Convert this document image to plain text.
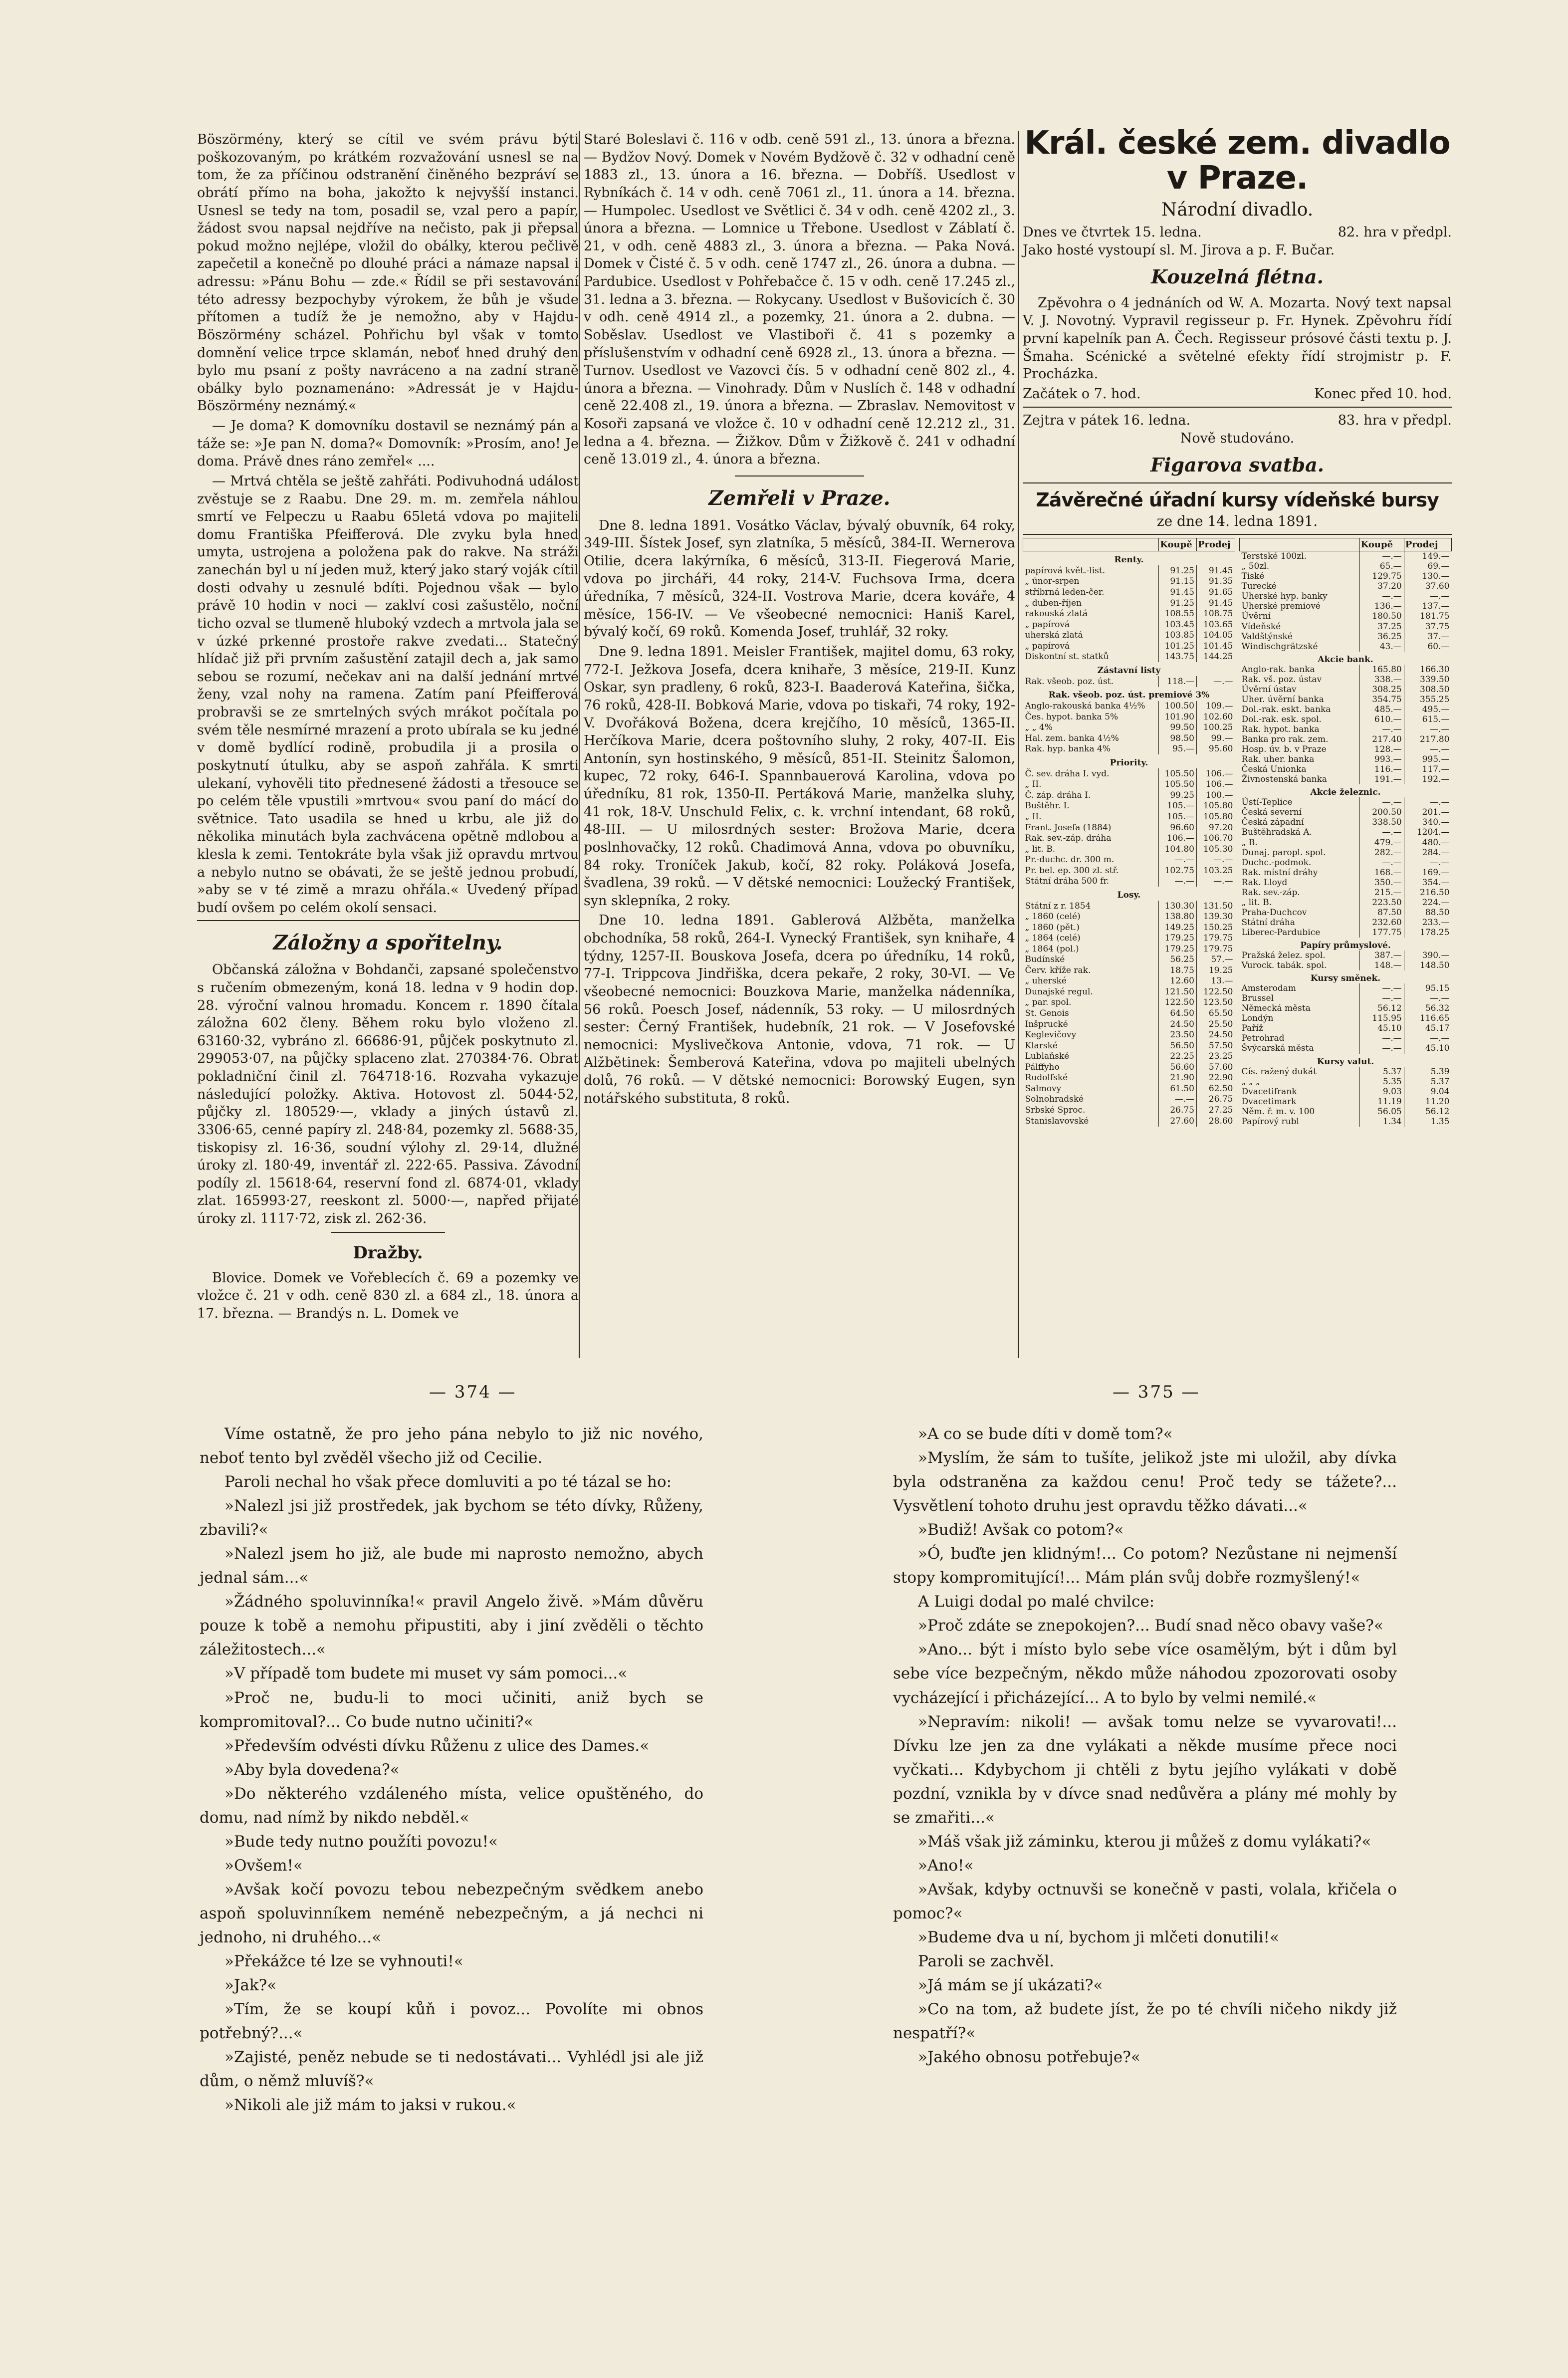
Böszörmény, který se cítil ve svém právu býti poškozovaným, po krátkém rozvažování usnesl se na tom, že za příčinou odstranění činěného bezpráví se obrátí přímo na boha, jakožto k nejvyšší instanci. Usnesl se tedy na tom, posadil se, vzal pero a papír, žádost svou napsal nejdříve na nečisto, pak ji přepsal pokud možno nejlépe, vložil do obálky, kterou pečlivě zapečetil a konečně po dlouhé práci a námaze napsal i adressu: »Pánu Bohu — zde.« Řídil se při sestavování této adressy bezpochyby výrokem, že bůh je všude přítomen a tudíž že je nemožno, aby v Hajdu-Böszörmény scházel. Pohřichu byl však v tomto domnění velice trpce sklamán, neboť hned druhý den bylo mu psaní z pošty navráceno a na zadní straně obálky bylo poznamenáno: »Adressát je v Hajdu-Böszörmény neznámý.«

— Je doma? K domovníku dostavil se neznámý pán a táže se: »Je pan N. doma?« Domovník: »Prosím, ano! Je doma. Právě dnes ráno zemřel« ....

— Mrtvá chtěla se ještě zahřáti. Podivuhodná událost zvěstuje se z Raabu. Dne 29. m. m. zemřela náhlou smrtí ve Felpeczu u Raabu 65letá vdova po majiteli domu Františka Pfeifferová. Dle zvyku byla hned umyta, ustrojena a položena pak do rakve. Na stráži zanechán byl u ní jeden muž, který jako starý voják cítil dosti odvahy u zesnulé bdíti. Pojednou však — bylo právě 10 hodin v noci — zaklví cosi zašustělo, noční ticho ozval se tlumeně hluboký vzdech a mrtvola jala se v úzké prkenné prostoře rakve zvedati... Statečný hlídač již při prvním zašustění zatajil dech a, jak samo sebou se rozumí, nečekav ani na další jednání mrtvé ženy, vzal nohy na ramena. Zatím paní Pfeifferová probravši se ze smrtelných svých mrákot počítala po svém těle nesmírné mrazení a proto ubírala se ku jedné v domě bydlící rodině, probudila ji a prosila o poskytnutí útulku, aby se aspoň zahřála. K smrti ulekaní, vyhověli tito přednesené žádosti a třesouce se po celém těle vpustili »mrtvou« svou paní do mácí do světnice. Tato usadila se hned u krbu, ale již do několika minutách byla zachvácena opětně mdlobou a klesla k zemi. Tentokráte byla však již opravdu mrtvou a nebylo nutno se obávati, že se ještě jednou probudí, »aby se v té zimě a mrazu ohřála.« Uvedený případ budí ovšem po celém okolí sensaci.

Záložny a spořitelny.

Občanská záložna v Bohdanči, zapsané společenstvo s ručením obmezeným, koná 18. ledna v 9 hodin dop. 28. výroční valnou hromadu. Koncem r. 1890 čítala záložna 602 členy. Během roku bylo vloženo zl. 63160·32, vybráno zl. 66686·91, půjček poskytnuto zl. 299053·07, na půjčky splaceno zlat. 270384·76. Obrat pokladniční činil zl. 764718·16. Rozvaha vykazuje následující položky. Aktiva. Hotovost zl. 5044·52, půjčky zl. 180529·—, vklady a jiných ústavů zl. 3306·65, cenné papíry zl. 248·84, pozemky zl. 5688·35, tiskopisy zl. 16·36, soudní výlohy zl. 29·14, dlužné úroky zl. 180·49, inventář zl. 222·65. Passiva. Závodní podíly zl. 15618·64, reservní fond zl. 6874·01, vklady zlat. 165993·27, reeskont zl. 5000·—, napřed přijaté úroky zl. 1117·72, zisk zl. 262·36.

Dražby.

Blovice. Domek ve Vořeblecích č. 69 a pozemky ve vložce č. 21 v odh. ceně 830 zl. a 684 zl., 18. února a 17. března. — Brandýs n. L. Domek ve

Staré Boleslavi č. 116 v odb. ceně 591 zl., 13. února a března. — Bydžov Nový. Domek v Novém Bydžově č. 32 v odhadní ceně 1883 zl., 13. února a 16. března. — Dobříš. Usedlost v Rybníkách č. 14 v odh. ceně 7061 zl., 11. února a 14. března. — Humpolec. Usedlost ve Světlici č. 34 v odh. ceně 4202 zl., 3. února a března. — Lomnice u Třebone. Usedlost v Záblatí č. 21, v odh. ceně 4883 zl., 3. února a března. — Paka Nová. Domek v Čisté č. 5 v odh. ceně 1747 zl., 26. února a dubna. — Pardubice. Usedlost v Pohřebačce č. 15 v odh. ceně 17.245 zl., 31. ledna a 3. března. — Rokycany. Usedlost v Bušovicích č. 30 v odh. ceně 4914 zl., a pozemky, 21. února a 2. dubna. — Soběslav. Usedlost ve Vlastiboři č. 41 s pozemky a příslušenstvím v odhadní ceně 6928 zl., 13. února a března. — Turnov. Usedlost ve Vazovci čís. 5 v odhadní ceně 802 zl., 4. února a března. — Vinohrady. Dům v Nuslích č. 148 v odhadní ceně 22.408 zl., 19. února a března. — Zbraslav. Nemovitost v Kosoři zapsaná ve vložce č. 10 v odhadní ceně 12.212 zl., 31. ledna a 4. března. — Žižkov. Dům v Žižkově č. 241 v odhadní ceně 13.019 zl., 4. února a března.

Zemřeli v Praze.

Dne 8. ledna 1891. Vosátko Václav, bývalý obuvník, 64 roky, 349-III. Šístek Josef, syn zlatníka, 5 měsíců, 384-II. Wernerova Otilie, dcera lakýrníka, 6 měsíců, 313-II. Fiegerová Marie, vdova po jircháři, 44 roky, 214-V. Fuchsova Irma, dcera úředníka, 7 měsíců, 324-II. Vostrova Marie, dcera kováře, 4 měsíce, 156-IV. — Ve všeobecné nemocnici: Haniš Karel, bývalý kočí, 69 roků. Komenda Josef, truhlář, 32 roky.

Dne 9. ledna 1891. Meisler František, majitel domu, 63 roky, 772-I. Ježkova Josefa, dcera knihaře, 3 měsíce, 219-II. Kunz Oskar, syn pradleny, 6 roků, 823-I. Baaderová Kateřina, šička, 76 roků, 428-II. Bobková Marie, vdova po tiskaři, 74 roky, 192-V. Dvořáková Božena, dcera krejčího, 10 měsíců, 1365-II. Herčíkova Marie, dcera poštovního sluhy, 2 roky, 407-II. Eis Antonín, syn hostinského, 9 měsíců, 851-II. Steinitz Šalomon, kupec, 72 roky, 646-I. Spannbauerová Karolina, vdova po úředníku, 81 rok, 1350-II. Pertáková Marie, manželka sluhy, 41 rok, 18-V. Unschuld Felix, c. k. vrchní intendant, 68 roků, 48-III. — U milosrdných sester: Brožova Marie, dcera poslnhovačky, 12 roků. Chadimová Anna, vdova po obuvníku, 84 roky. Troníček Jakub, kočí, 82 roky. Poláková Josefa, švadlena, 39 roků. — V dětské nemocnici: Loužecký František, syn sklepníka, 2 roky.

Dne 10. ledna 1891. Gablerová Alžběta, manželka obchodníka, 58 roků, 264-I. Vynecký František, syn knihaře, 4 týdny, 1257-II. Bouskova Josefa, dcera po úředníku, 14 roků, 77-I. Trippcova Jindřiška, dcera pekaře, 2 roky, 30-VI. — Ve všeobecné nemocnici: Bouzkova Marie, manželka nádenníka, 56 roků. Poesch Josef, nádenník, 53 roky. — U milosrdných sester: Černý František, hudebník, 21 rok. — V Josefovské nemocnici: Myslivečkova Antonie, vdova, 71 rok. — U Alžbětinek: Šemberová Kateřina, vdova po majiteli ubelných dolů, 76 roků. — V dětské nemocnici: Borowský Eugen, syn notářského substituta, 8 roků.

Král. české zem. divadlo v Praze.

Národní divadlo.

Dnes ve čtvrtek 15. ledna.	82. hra v předpl.

Jako hosté vystoupí sl. M. Jirova a p. F. Bučar.

Kouzelná flétna.

Zpěvohra o 4 jednáních od W. A. Mozarta. Nový text napsal V. J. Novotný. Vypravil regisseur p. Fr. Hynek. Zpěvohru řídí první kapelník pan A. Čech. Regisseur prósové části textu p. J. Šmaha. Scénické a světelné efekty řídí strojmistr p. F. Procházka.

Začátek o 7. hod.	Konec před 10. hod.
Zejtra v pátek 16. ledna.	83. hra v předpl.

Nově studováno.

Figarova svatba.
Závěrečné úřadní kursy vídeňské bursy
ze dne 14. ledna 1891.
	Koupě	Prodej
Renty.		
papírová květ.-list.	91.25	91.45
„ únor-srpen	91.15	91.35
stříbrná leden-čer.	91.45	91.65
„ duben-říjen	91.25	91.45
rakouská zlatá	108.55	108.75
„ papírová	103.45	103.65
uherská zlatá	103.85	104.05
„ papírová	101.25	101.45
Diskontní st. statků	143.75	144.25
Zástavní listy		
Rak. všeob. poz. úst.	118.—	—.—
Rak. všeob. poz. úst. premiové 3%		
Anglo-rakouská banka 4½%	100.50	109.—
Čes. hypot. banka 5%	101.90	102.60
„ „ 4%	99.50	100.25
Hal. zem. banka 4½%	98.50	99.—
Rak. hyp. banka 4%	95.—	95.60
Priority.		
Č. sev. dráha I. vyd.	105.50	106.—
„ II.	105.50	106.—
Č. záp. dráha I.	99.25	100.—
Buštěhr. I.	105.—	105.80
„ II.	105.—	105.80
Frant. Josefa (1884)	96.60	97.20
Rak. sev.-záp. dráha	106.—	106.70
„ lit. B.	104.80	105.30
Pr.-duchc. dr. 300 m.	—.—	—.—
Pr. bel. ep. 300 zl. stř.	102.75	103.25
Státní dráha 500 fr.	—.—	—.—
Losy.		
Státní z r. 1854	130.30	131.50
„ 1860 (celé)	138.80	139.30
„ 1860 (pět.)	149.25	150.25
„ 1864 (celé)	179.25	179.75
„ 1864 (pol.)	179.25	179.75
Budínské	56.25	57.—
Červ. kříže rak.	18.75	19.25
„ uherské	12.60	13.—
Dunajské regul.	121.50	122.50
„ par. spol.	122.50	123.50
St. Genois	64.50	65.50
Inšprucké	24.50	25.50
Keglevičovy	23.50	24.50
Klarské	56.50	57.50
Lublaňské	22.25	23.25
Pálffyho	56.60	57.60
Rudolfské	21.90	22.90
Salmovy	61.50	62.50
Solnohradské	—.—	26.75
Srbské Sproc.	26.75	27.25
Stanislavovské	27.60	28.60
	Koupě	Prodej
Terstské 100zl.	—.—	149.—
„ 50zl.	65.—	69.—
Tiské	129.75	130.—
Turecké	37.20	37.60
Uherské hyp. banky	—.—	—.—
Uherské premiové	136.—	137.—
Úvěrní	180.50	181.75
Vídeňské	37.25	37.75
Valdštýnské	36.25	37.—
Windischgrätzské	43.—	60.—
Akcie bank.		
Anglo-rak. banka	165.80	166.30
Rak. vš. poz. ústav	338.—	339.50
Úvěrní ústav	308.25	308.50
Uher. úvěrní banka	354.75	355.25
Dol.-rak. eskt. banka	485.—	495.—
Dol.-rak. esk. spol.	610.—	615.—
Rak. hypot. banka	—.—	—.—
Banka pro rak. zem.	217.40	217.80
Hosp. úv. b. v Praze	128.—	—.—
Rak. uher. banka	993.—	995.—
Česká Unionka	116.—	117.—
Živnostenská banka	191.—	192.—
Akcie železnic.		
Ústí-Teplice	—.—	—.—
Česká severní	200.50	201.—
Česká západní	338.50	340.—
Buštěhradská A.	—.—	1204.—
„ B.	479.—	480.—
Dunaj. paropl. spol.	282.—	284.—
Duchc.-podmok.	—.—	—.—
Rak. místní dráhy	168.—	169.—
Rak. Lloyd	350.—	354.—
Rak. sev.-záp.	215.—	216.50
„ lit. B.	223.50	224.—
Praha-Duchcov	87.50	88.50
Státní dráha	232.60	233.—
Liberec-Pardubice	177.75	178.25
Papíry průmyslové.		
Pražská želez. spol.	387.—	390.—
Vurock. tabák. spol.	148.—	148.50
Kursy směnek.		
Amsterodam	—.—	95.15
Brussel	—.—	—.—
Německá města	56.12	56.32
Londýn	115.95	116.65
Paříž	45.10	45.17
Petrohrad	—.—	—.—
Švýcarská města	—.—	45.10
Kursy valut.		
Cís. ražený dukát	5.37	5.39
„ „ „	5.35	5.37
Dvacetifrank	9.03	9.04
Dvacetimark	11.19	11.20
Něm. ř. m. v. 100	56.05	56.12
Papírový rubl	1.34	1.35
— 374 —	— 375 —

Víme ostatně, že pro jeho pána nebylo to již nic nového, neboť tento byl zvěděl všecho již od Cecilie.

Paroli nechal ho však přece domluviti a po té tázal se ho:

»Nalezl jsi již prostředek, jak bychom se této dívky, Růženy, zbavili?«

»Nalezl jsem ho již, ale bude mi naprosto nemožno, abych jednal sám...«

»Žádného spoluvinníka!« pravil Angelo živě. »Mám důvěru pouze k tobě a nemohu připustiti, aby i jiní zvěděli o těchto záležitostech...«

»V případě tom budete mi muset vy sám pomoci...«

»Proč ne, budu-li to moci učiniti, aniž bych se kompromitoval?... Co bude nutno učiniti?«

»Především odvésti dívku Růženu z ulice des Dames.«

»Aby byla dovedena?«

»Do některého vzdáleného místa, velice opuštěného, do domu, nad nímž by nikdo nebděl.«

»Bude tedy nutno použíti povozu!«

»Ovšem!«

»Avšak kočí povozu tebou nebezpečným svědkem anebo aspoň spoluvinníkem neméně nebezpečným, a já nechci ni jednoho, ni druhého...«

»Překážce té lze se vyhnouti!«

»Jak?«

»Tím, že se koupí kůň i povoz... Povolíte mi obnos potřebný?...«

»Zajisté, peněz nebude se ti nedostávati... Vyhlédl jsi ale již dům, o němž mluvíš?«

»Nikoli ale již mám to jaksi v rukou.«

»A co se bude díti v domě tom?«

»Myslím, že sám to tušíte, jelikož jste mi uložil, aby dívka byla odstraněna za každou cenu! Proč tedy se tážete?... Vysvětlení tohoto druhu jest opravdu těžko dávati...«

»Budiž! Avšak co potom?«

»Ó, buďte jen klidným!... Co potom? Nezůstane ni nejmenší stopy kompromitující!... Mám plán svůj dobře rozmyšlený!«

A Luigi dodal po malé chvilce:

»Proč zdáte se znepokojen?... Budí snad něco obavy vaše?«

»Ano... být i místo bylo sebe více osamělým, být i dům byl sebe více bezpečným, někdo může náhodou zpozorovati osoby vycházející i přicházející... A to bylo by velmi nemilé.«

»Nepravím: nikoli! — avšak tomu nelze se vyvarovati!... Dívku lze jen za dne vylákati a někde musíme přece noci vyčkati... Kdybychom ji chtěli z bytu jejího vylákati v době pozdní, vznikla by v dívce snad nedůvěra a plány mé mohly by se zmařiti...«

»Máš však již záminku, kterou ji můžeš z domu vylákati?«

»Ano!«

»Avšak, kdyby octnuvši se konečně v pasti, volala, křičela o pomoc?«

»Budeme dva u ní, bychom ji mlčeti donutili!«

Paroli se zachvěl.

»Já mám se jí ukázati?«

»Co na tom, až budete jíst, že po té chvíli ničeho nikdy již nespatří?«

»Jakého obnosu potřebuje?«
